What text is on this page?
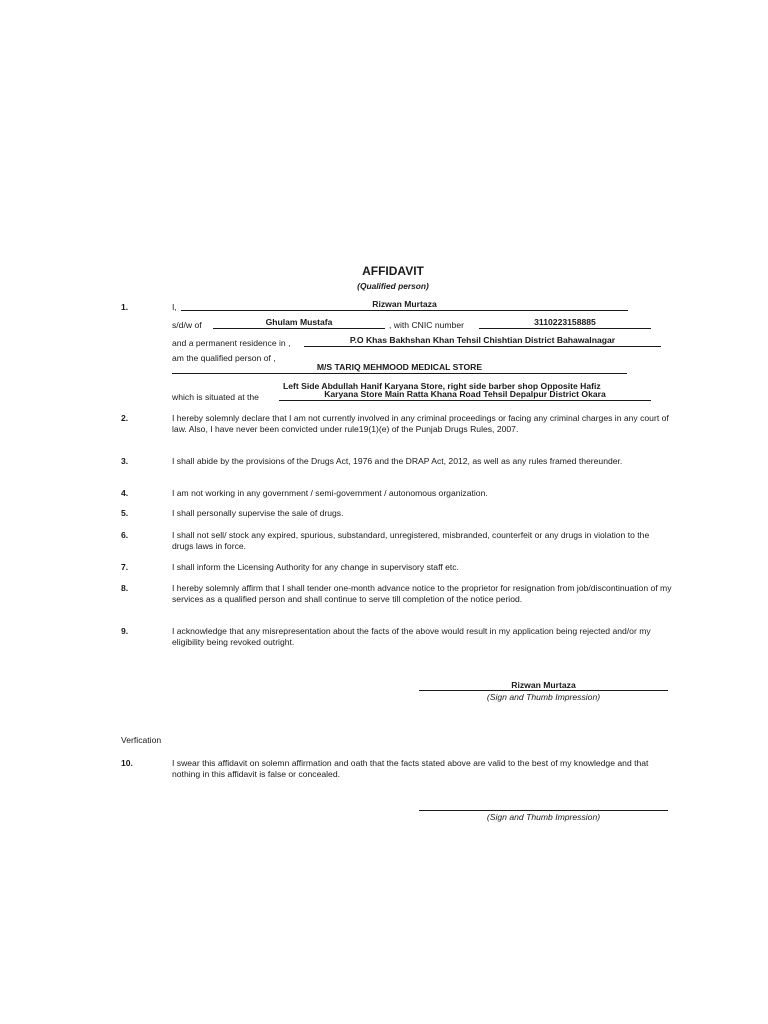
AFFIDAVIT
(Qualified person)
1.	I,	Rizwan Murtaza
s/d/w of	Ghulam Mustafa	, with CNIC number	3110223158885
and a permanent residence in ,	P.O Khas Bakhshan Khan Tehsil Chishtian District Bahawalnagar
am the qualified person of ,
M/S TARIQ MEHMOOD MEDICAL STORE
Left Side Abdullah Hanif Karyana Store, right side barber shop Opposite Hafiz
which is situated at the	Karyana Store Main Ratta Khana Road Tehsil Depalpur District Okara
2.	I hereby solemnly declare that I am not currently involved in any criminal proceedings or facing any criminal charges in any court of law. Also, I have never been convicted under rule19(1)(e) of the Punjab Drugs Rules, 2007.
3.	I shall abide by the provisions of the Drugs Act, 1976 and the DRAP Act, 2012, as well as any rules framed thereunder.
4.	I am not working in any government / semi-government / autonomous organization.
5.	I shall personally supervise the sale of drugs.
6.	I shall not sell/ stock any expired, spurious, substandard, unregistered, misbranded, counterfeit or any drugs in violation to the drugs laws in force.
7.	I shall inform the Licensing Authority for any change in supervisory staff etc.
8.	I hereby solemnly affirm that I shall tender one-month advance notice to the proprietor for resignation from job/discontinuation of my services as a qualified person and shall continue to serve till completion of the notice period.
9.	I acknowledge that any misrepresentation about the facts of the above would result in my application being rejected and/or my eligibility being revoked outright.
Rizwan Murtaza
(Sign and Thumb Impression)
Verfication
10.	I swear this affidavit on solemn affirmation and oath that the facts stated above are valid to the best of my knowledge and that nothing in this affidavit is false or concealed.
(Sign and Thumb Impression)
